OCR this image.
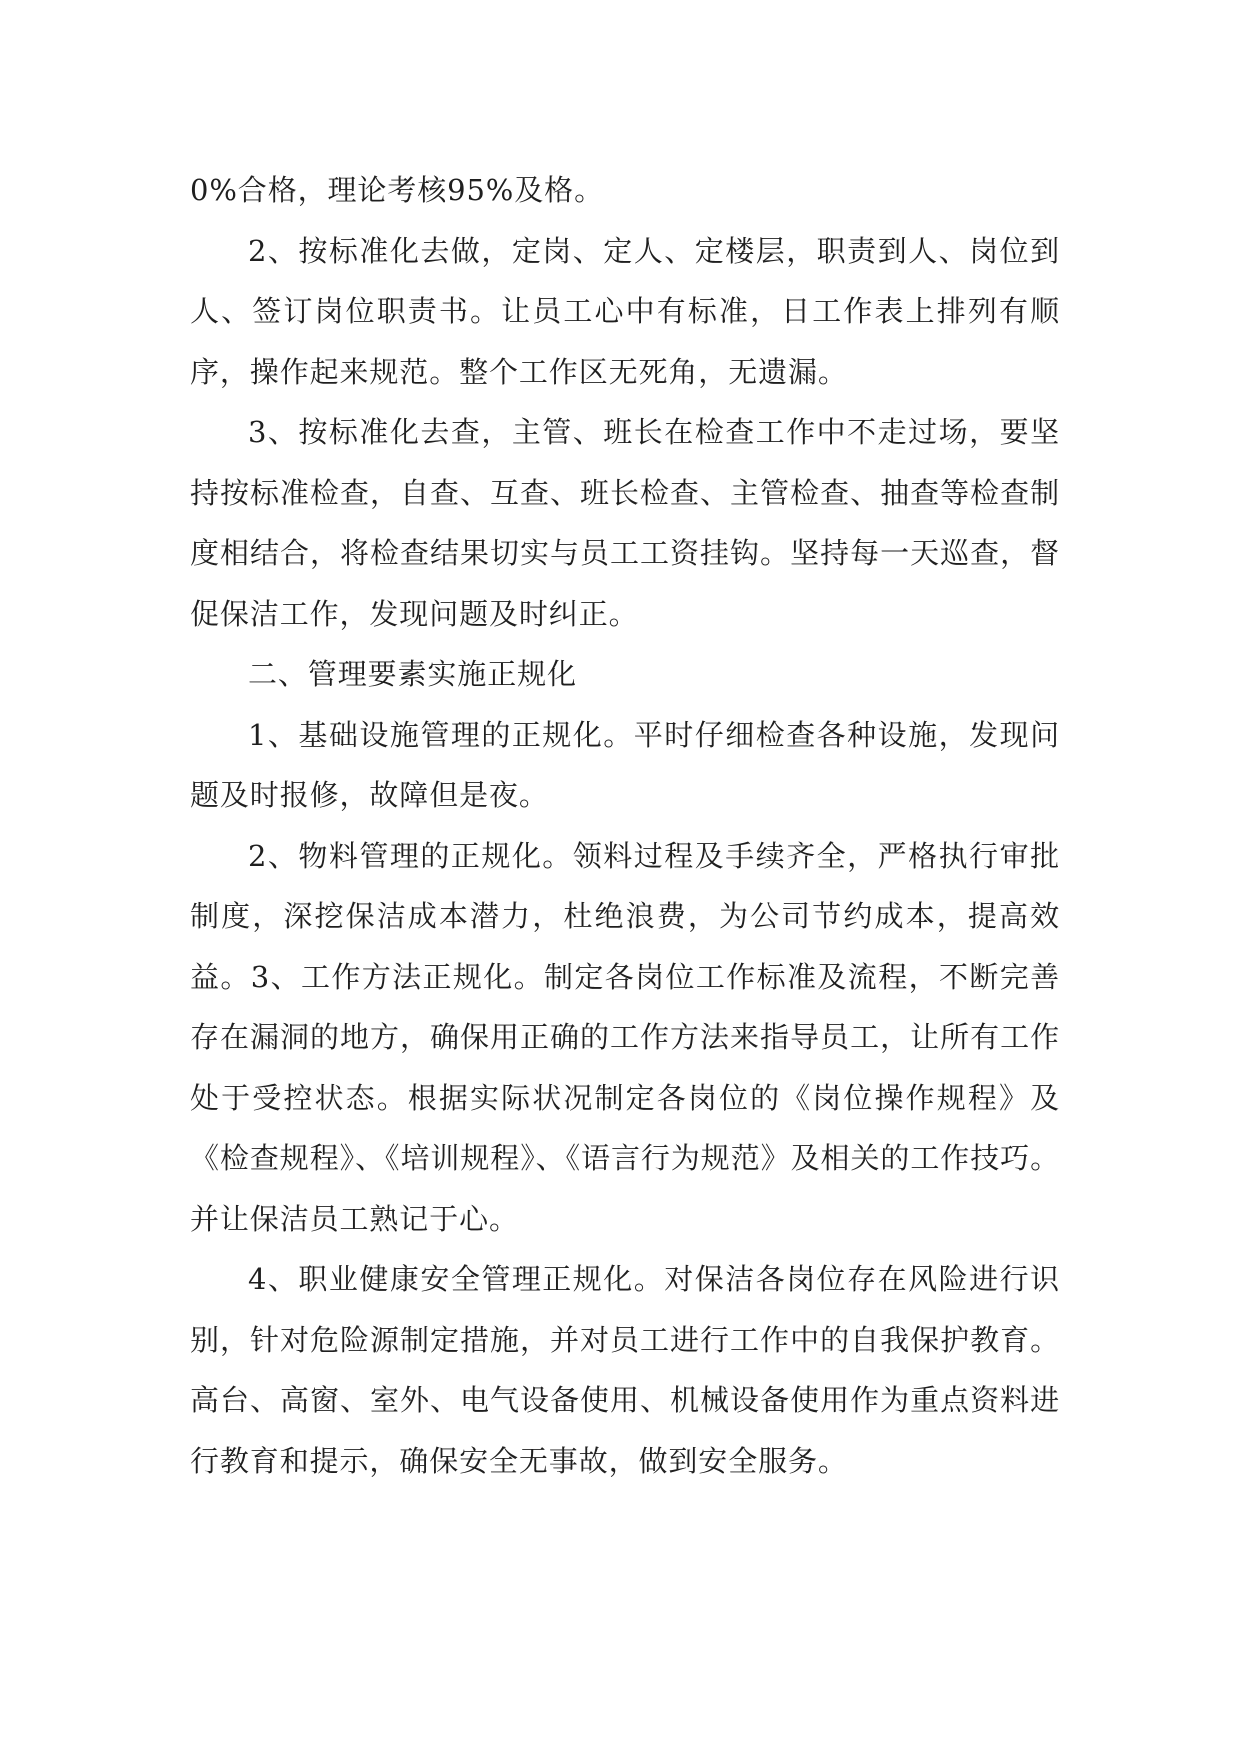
0%合格，理论考核95%及格。

2、按标准化去做，定岗、定人、定楼层，职责到人、岗位到人、签订岗位职责书。让员工心中有标准，日工作表上排列有顺序，操作起来规范。整个工作区无死角，无遗漏。

3、按标准化去查，主管、班长在检查工作中不走过场，要坚持按标准检查，自查、互查、班长检查、主管检查、抽查等检查制度相结合，将检查结果切实与员工工资挂钩。坚持每一天巡查，督促保洁工作，发现问题及时纠正。

二、管理要素实施正规化

1、基础设施管理的正规化。平时仔细检查各种设施，发现问题及时报修，故障但是夜。

2、物料管理的正规化。领料过程及手续齐全，严格执行审批制度，深挖保洁成本潜力，杜绝浪费，为公司节约成本，提高效益。3、工作方法正规化。制定各岗位工作标准及流程，不断完善存在漏洞的地方，确保用正确的工作方法来指导员工，让所有工作处于受控状态。根据实际状况制定各岗位的《岗位操作规程》及《检查规程》、《培训规程》、《语言行为规范》及相关的工作技巧。并让保洁员工熟记于心。

4、职业健康安全管理正规化。对保洁各岗位存在风险进行识别，针对危险源制定措施，并对员工进行工作中的自我保护教育。高台、高窗、室外、电气设备使用、机械设备使用作为重点资料进行教育和提示，确保安全无事故，做到安全服务。
